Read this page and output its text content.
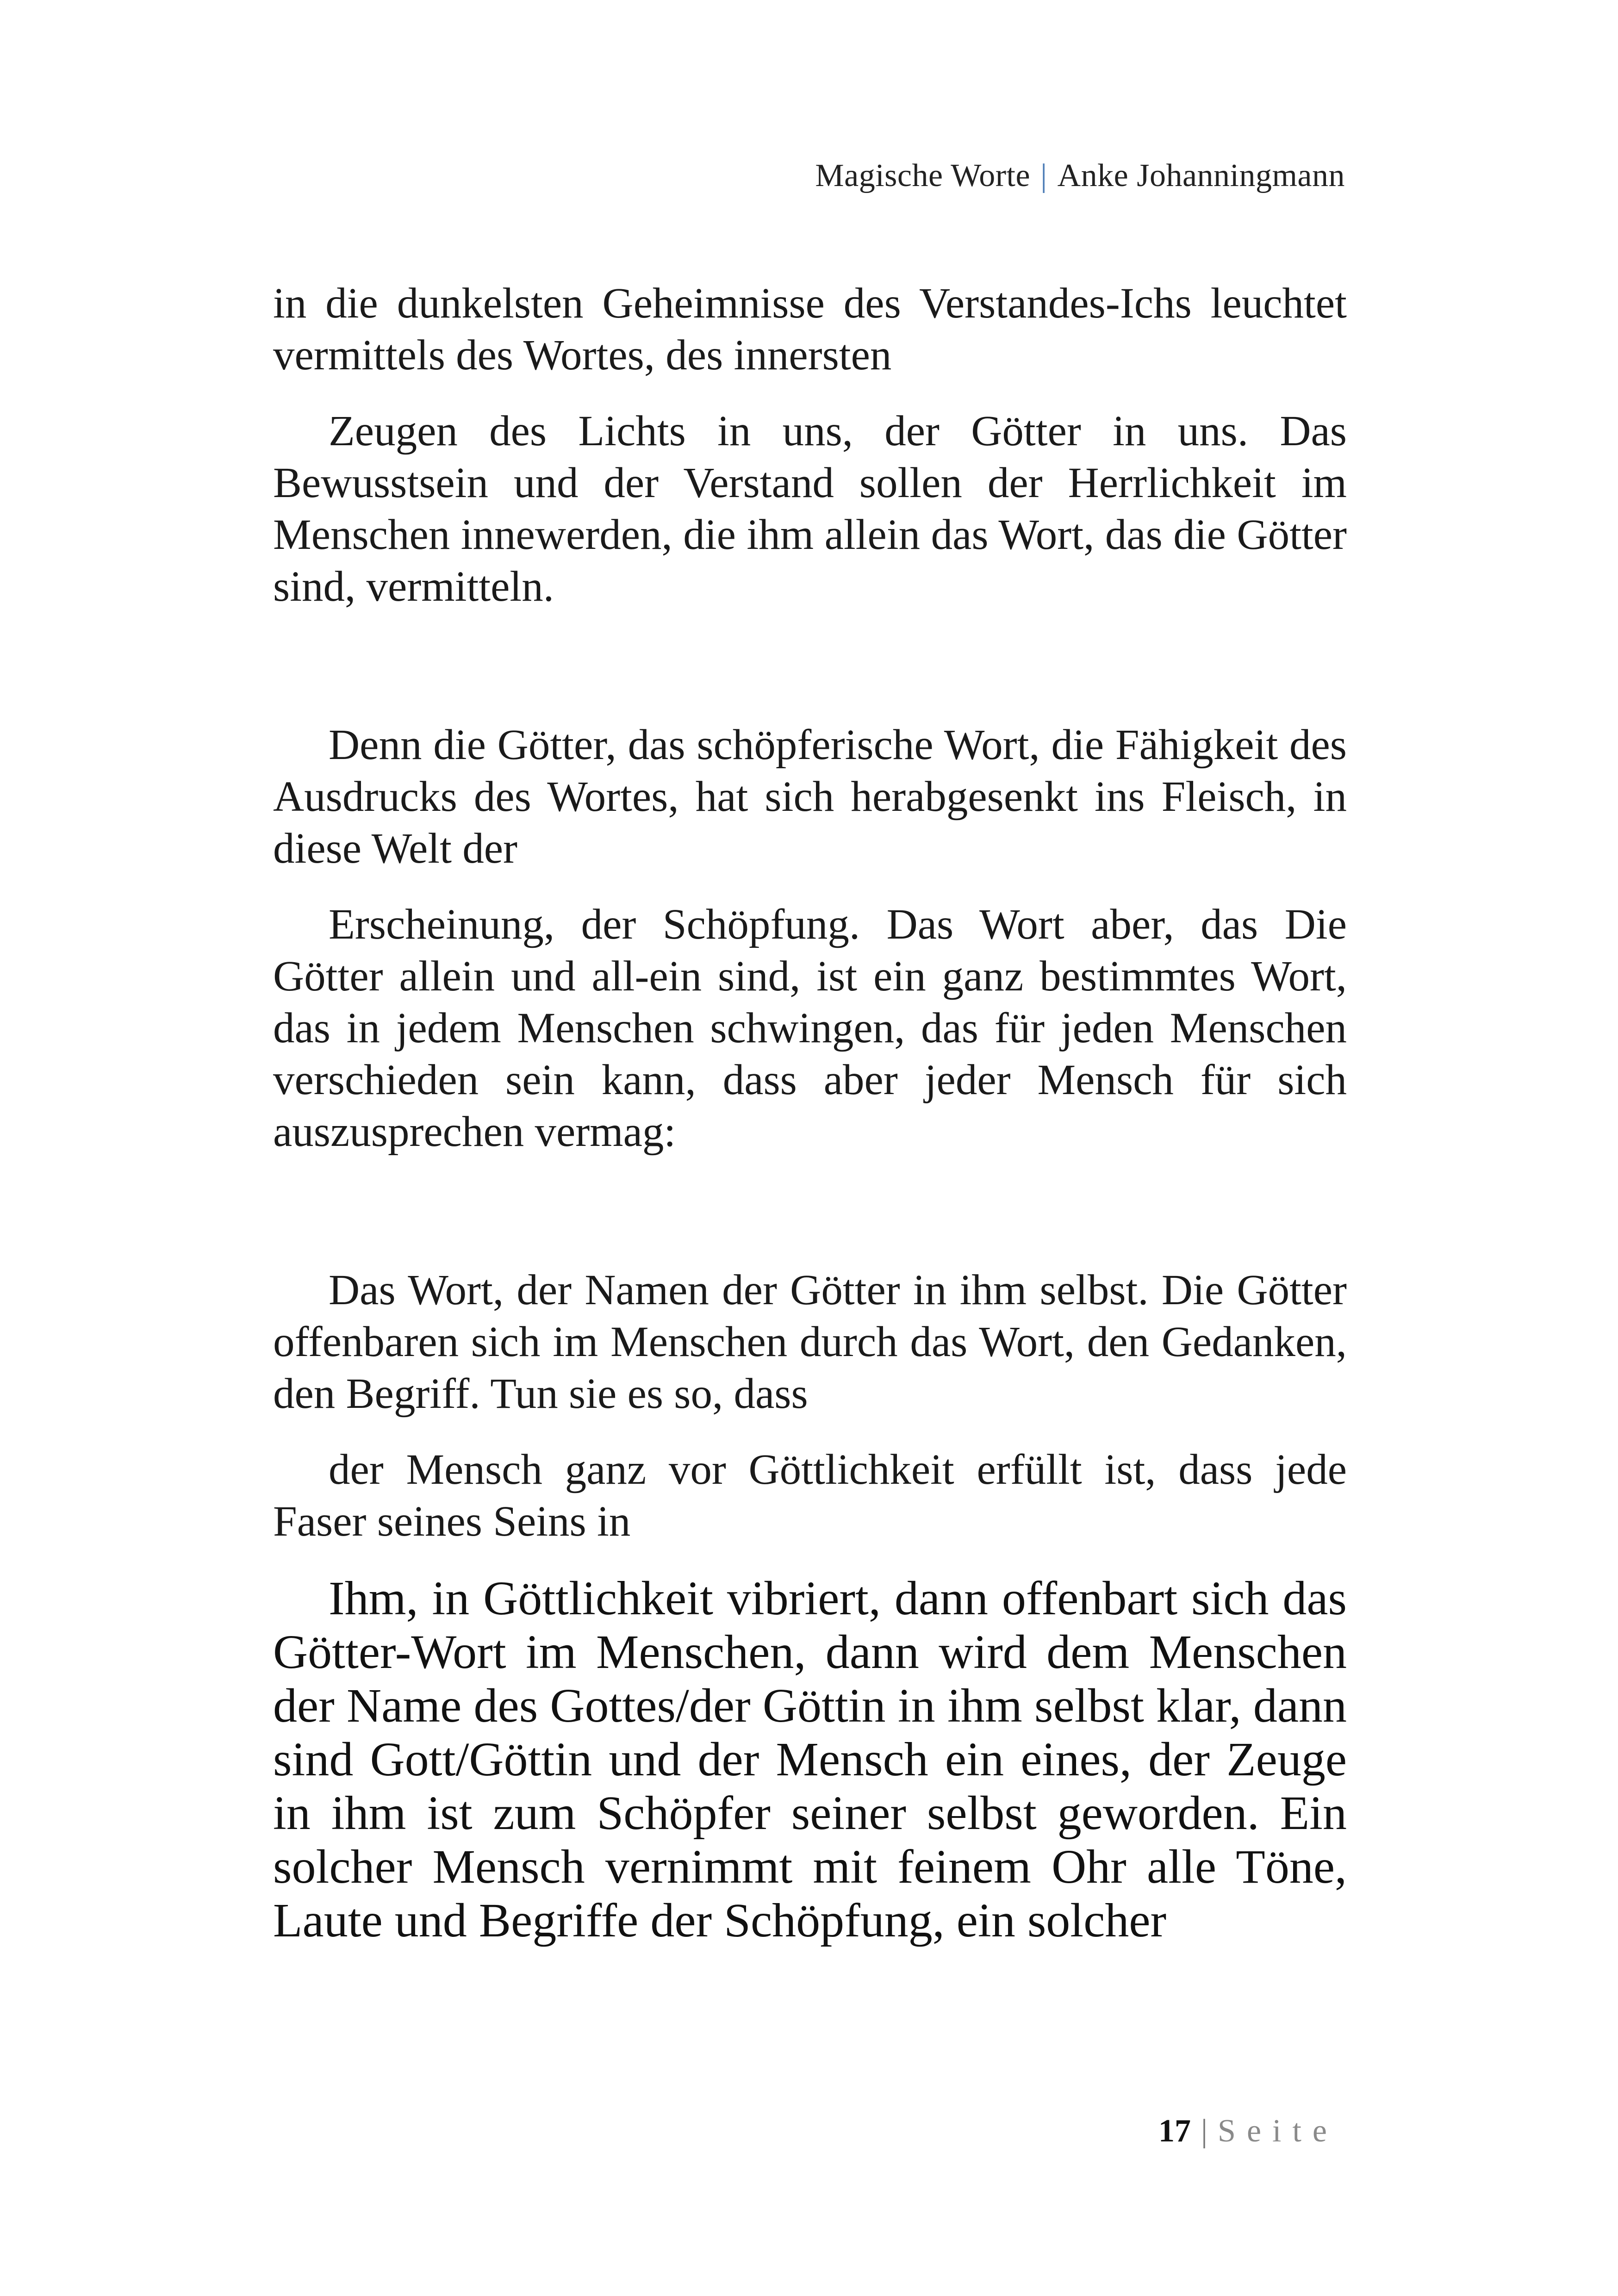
Magische Worte | Anke Johanningmann

in die dunkelsten Geheimnisse des Verstandes-Ichs leuchtet vermittels des Wortes, des innersten

Zeugen des Lichts in uns, der Götter in uns. Das Bewusstsein und der Verstand sollen der Herrlichkeit im Menschen innewerden, die ihm allein das Wort, das die Götter sind, vermitteln.

Denn die Götter, das schöpferische Wort, die Fähigkeit des Ausdrucks des Wortes, hat sich herabgesenkt ins Fleisch, in diese Welt der

Erscheinung, der Schöpfung. Das Wort aber, das Die Götter allein und all-ein sind, ist ein ganz bestimmtes Wort, das in jedem Menschen schwingen, das für jeden Menschen verschieden sein kann, dass aber jeder Mensch für sich auszusprechen vermag:

Das Wort, der Namen der Götter in ihm selbst. Die Götter offenbaren sich im Menschen durch das Wort, den Gedanken, den Begriff. Tun sie es so, dass

der Mensch ganz vor Göttlichkeit erfüllt ist, dass jede Faser seines Seins in

Ihm, in Göttlichkeit vibriert, dann offenbart sich das Götter-Wort im Menschen, dann wird dem Menschen der Name des Gottes/der Göttin in ihm selbst klar, dann sind Gott/Göttin und der Mensch ein eines, der Zeuge in ihm ist zum Schöpfer seiner selbst geworden. Ein solcher Mensch vernimmt mit feinem Ohr alle Töne, Laute und Begriffe der Schöpfung, ein solcher

17 | Seite
